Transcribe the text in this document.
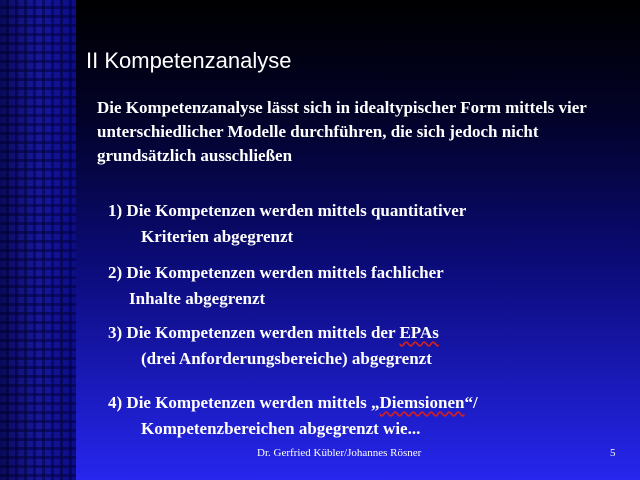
II Kompetenzanalyse

Die Kompetenzanalyse lässt sich in idealtypischer Form mittels vier unterschiedlicher Modelle durchführen, die sich jedoch nicht grundsätzlich ausschließen

1) Die Kompetenzen werden mittels quantitativer
Kriterien abgegrenzt
2) Die Kompetenzen werden mittels fachlicher
Inhalte abgegrenzt
3) Die Kompetenzen werden mittels der EPAs
(drei Anforderungsbereiche) abgegrenzt
4) Die Kompetenzen werden mittels „Diemsionen“/
Kompetenzbereichen abgegrenzt wie...
Dr. Gerfried Kübler/Johannes Rösner	5
